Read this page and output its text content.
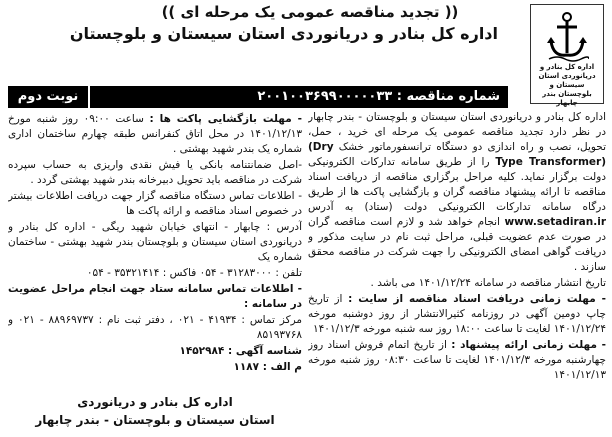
(( تجدید مناقصه عمومی یک مرحله ای ))
اداره کل بنادر و دریانوردی استان سیستان و بلوچستان
اداره کل بنادر و دریانوردی استان سیستان و بلوچستان بندر چابهار
شماره مناقصه : ۲۰۰۱۰۰۳۶۹۹۰۰۰۰۰۳۳
نوبت دوم

اداره کل بنادر و دریانوردی استان سیستان و بلوچستان - بندر چابهار در نظر دارد تجدید مناقصه عمومی یک مرحله ای خرید ، حمل، تحویل، نصب و راه اندازی دو دستگاه ترانسفورماتور خشک (Dry Type Transformer) را از طریق سامانه تدارکات الکترونیکی دولت برگزار نماید. کلیه مراحل برگزاری مناقصه از دریافت اسناد مناقصه تا ارائه پیشنهاد مناقصه گران و بازگشایی پاکت ها از طریق درگاه سامانه تدارکات الکترونیکی دولت (ستاد) به آدرس www.setadiran.ir انجام خواهد شد و لازم است مناقصه گران در صورت عدم عضویت قبلی، مراحل ثبت نام در سایت مذکور و دریافت گواهی امضای الکترونیکی را جهت شرکت در مناقصه محقق سازند .

تاریخ انتشار مناقصه در سامانه ۱۴۰۱/۱۲/۲۴ می باشد .

- مهلت زمانی دریافت اسناد مناقصه از سایت : از تاریخ چاپ دومین آگهی در روزنامه کثیرالانتشار از روز دوشنبه مورخه ۱۴۰۱/۱۲/۲۴ لغایت تا ساعت ۱۸:۰۰ روز سه شنبه مورخه ۱۴۰۱/۱۲/۳

- مهلت زمانی ارائه پیشنهاد : از تاریخ اتمام فروش اسناد روز چهارشنبه مورخه ۱۴۰۱/۱۲/۳ لغایت تا ساعت ۰۸:۳۰ روز شنبه مورخه ۱۴۰۱/۱۲/۱۳

- مهلت بازگشایی پاکت ها : ساعت ۰۹:۰۰ روز شنبه مورخ ۱۴۰۱/۱۲/۱۳ در محل اتاق کنفرانس طبقه چهارم ساختمان اداری شماره یک بندر شهید بهشتی .

-اصل ضمانتنامه بانکی یا فیش نقدی واریزی به حساب سپرده شرکت در مناقصه باید تحویل دبیرخانه بندر شهید بهشتی گردد .

- اطلاعات تماس دستگاه مناقصه گزار جهت دریافت اطلاعات بیشتر در خصوص اسناد مناقصه و ارائه پاکت ها

آدرس : چابهار - انتهای خیابان شهید ریگی - اداره کل بنادر و دریانوردی استان سیستان و بلوچستان بندر شهید بهشتی - ساختمان شماره یک

تلفن : ۳۱۲۸۳۰۰۰ - ۰۵۴ فاکس : ۳۵۳۲۱۴۱۴ - ۰۵۴

- اطلاعات تماس سامانه ستاد جهت انجام مراحل عضویت در سامانه :

مرکز تماس : ۴۱۹۳۴ - ۰۲۱ ، دفتر ثبت نام : ۸۸۹۶۹۷۳۷ - ۰۲۱ و ۸۵۱۹۳۷۶۸

شناسه آگهی : ۱۴۵۲۹۸۴

م الف : ۱۱۸۷

اداره کل بنادر و دریانوردی
استان سیستان و بلوچستان - بندر چابهار
